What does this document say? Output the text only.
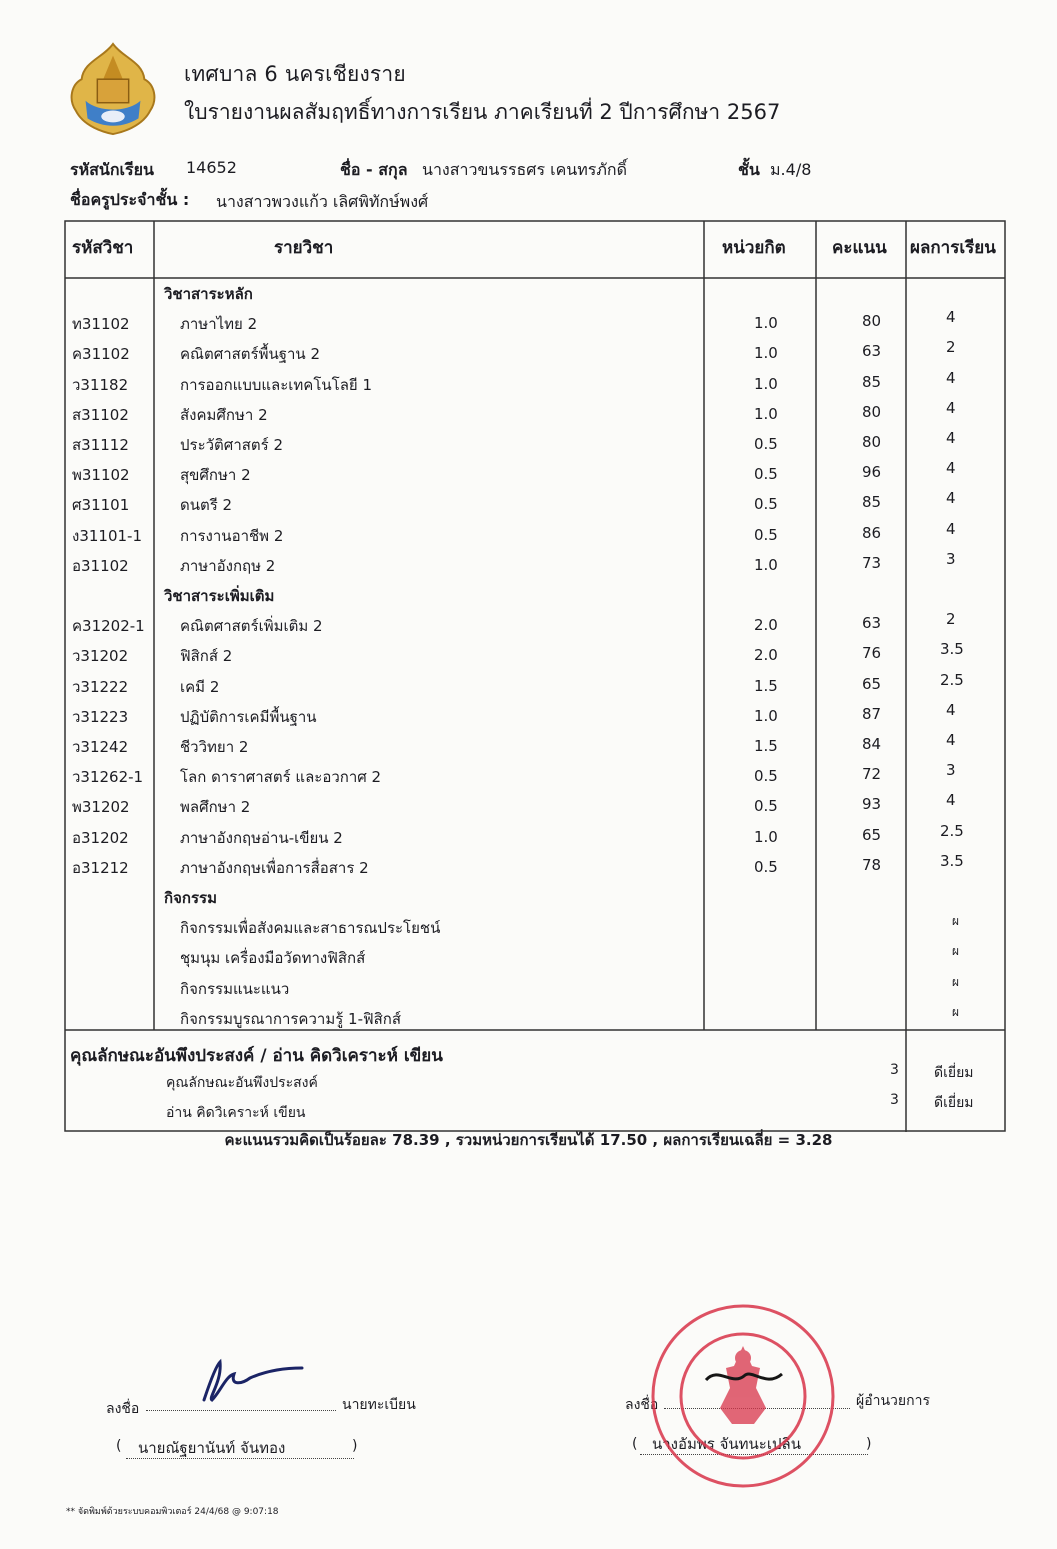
เทศบาล 6 นครเชียงราย
ใบรายงานผลสัมฤทธิ์ทางการเรียน ภาคเรียนที่ 2 ปีการศึกษา 2567
รหัสนักเรียน 14652	ชื่อ - สกุล นางสาวขนรรธศร เคนทรภักดิ์	ชั้น ม.4/8
ชื่อครูประจำชั้น : นางสาวพวงแก้ว เลิศพิทักษ์พงศ์
รหัสวิชา	รายวิชา	หน่วยกิต	คะแนน ผลการเรียน
วิชาสาระหลัก
ท31102	ภาษาไทย 2	1.0	80	4
ค31102	คณิตศาสตร์พื้นฐาน 2	1.0	63	2
ว31182	การออกแบบและเทคโนโลยี 1	1.0	85	4
ส31102	สังคมศึกษา 2	1.0	80	4
ส31112	ประวัติศาสตร์ 2	0.5	80	4
พ31102	สุขศึกษา 2	0.5	96	4
ศ31101	ดนตรี 2	0.5	85	4
ง31101-1	การงานอาชีพ 2	0.5	86	4
อ31102	ภาษาอังกฤษ 2	1.0	73	3
วิชาสาระเพิ่มเติม
ค31202-1 คณิตศาสตร์เพิ่มเติม 2	2.0	63	2
ว31202	ฟิสิกส์ 2	2.0	76	3.5
ว31222	เคมี 2	1.5	65	2.5
ว31223	ปฏิบัติการเคมีพื้นฐาน	1.0	87	4
ว31242	ชีววิทยา 2	1.5	84	4
ว31262-1 โลก ดาราศาสตร์ และอวกาศ 2	0.5	72	3
พ31202	พลศึกษา 2	0.5	93	4
อ31202	ภาษาอังกฤษอ่าน-เขียน 2	1.0	65	2.5
อ31212	ภาษาอังกฤษเพื่อการสื่อสาร 2	0.5	78	3.5
กิจกรรม
กิจกรรมเพื่อสังคมและสาธารณประโยชน์	ผ
ชุมนุม เครื่องมือวัดทางฟิสิกส์	ผ
กิจกรรมแนะแนว	ผ
กิจกรรมบูรณาการความรู้ 1-ฟิสิกส์	ผ
คุณลักษณะอันพึงประสงค์ / อ่าน คิดวิเคราะห์ เขียน
คุณลักษณะอันพึงประสงค์
3	ดีเยี่ยม
อ่าน คิดวิเคราะห์ เขียน
3	ดีเยี่ยม
คะแนนรวมคิดเป็นร้อยละ 78.39 , รวมหน่วยการเรียนได้ 17.50 , ผลการเรียนเฉลี่ย = 3.28
ลงชื่อ	นายทะเบียน
( นายณัฐยานันท์ จันทอง	)
ลงชื่อ	ผู้อำนวยการ
( นางอัมพร จันทนะเปลิน	)
** จัดพิมพ์ด้วยระบบคอมพิวเตอร์ 24/4/68 @ 9:07:18
